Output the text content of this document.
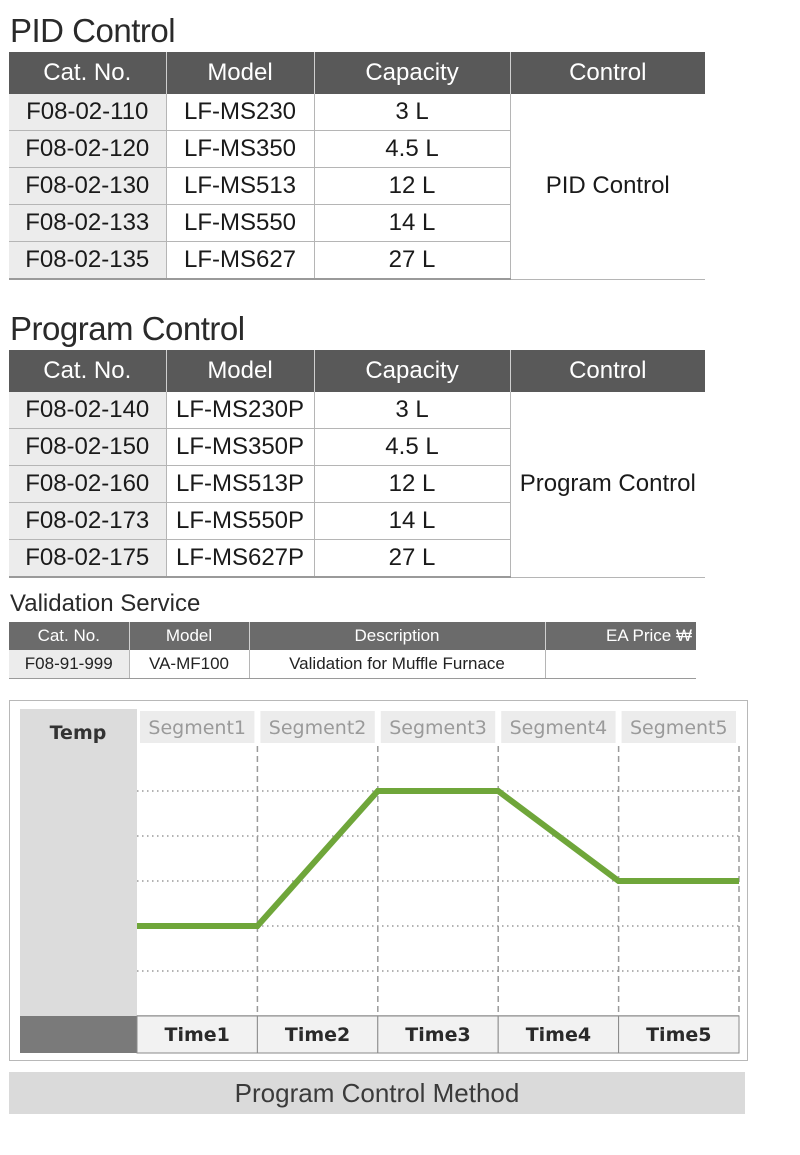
PID Control
Cat. No.	Model	Capacity	Control
F08-02-110	LF-MS230	3 L	PID Control
F08-02-120	LF-MS350	4.5 L	
F08-02-130	LF-MS513	12 L	
F08-02-133	LF-MS550	14 L	
F08-02-135	LF-MS627	27 L	
Program Control
Cat. No.	Model	Capacity	Control
F08-02-140	LF-MS230P	3 L	Program Control
F08-02-150	LF-MS350P	4.5 L	
F08-02-160	LF-MS513P	12 L	
F08-02-173	LF-MS550P	14 L	
F08-02-175	LF-MS627P	27 L	
Validation Service
Cat. No.	Model	Description	EA Price ₩
F08-91-999	VA-MF100	Validation for Muffle Furnace	
Temp Segment1 Segment2 Segment3 Segment4 Segment5
Time1	Time2	Time3	Time4	Time5
Program Control Method
